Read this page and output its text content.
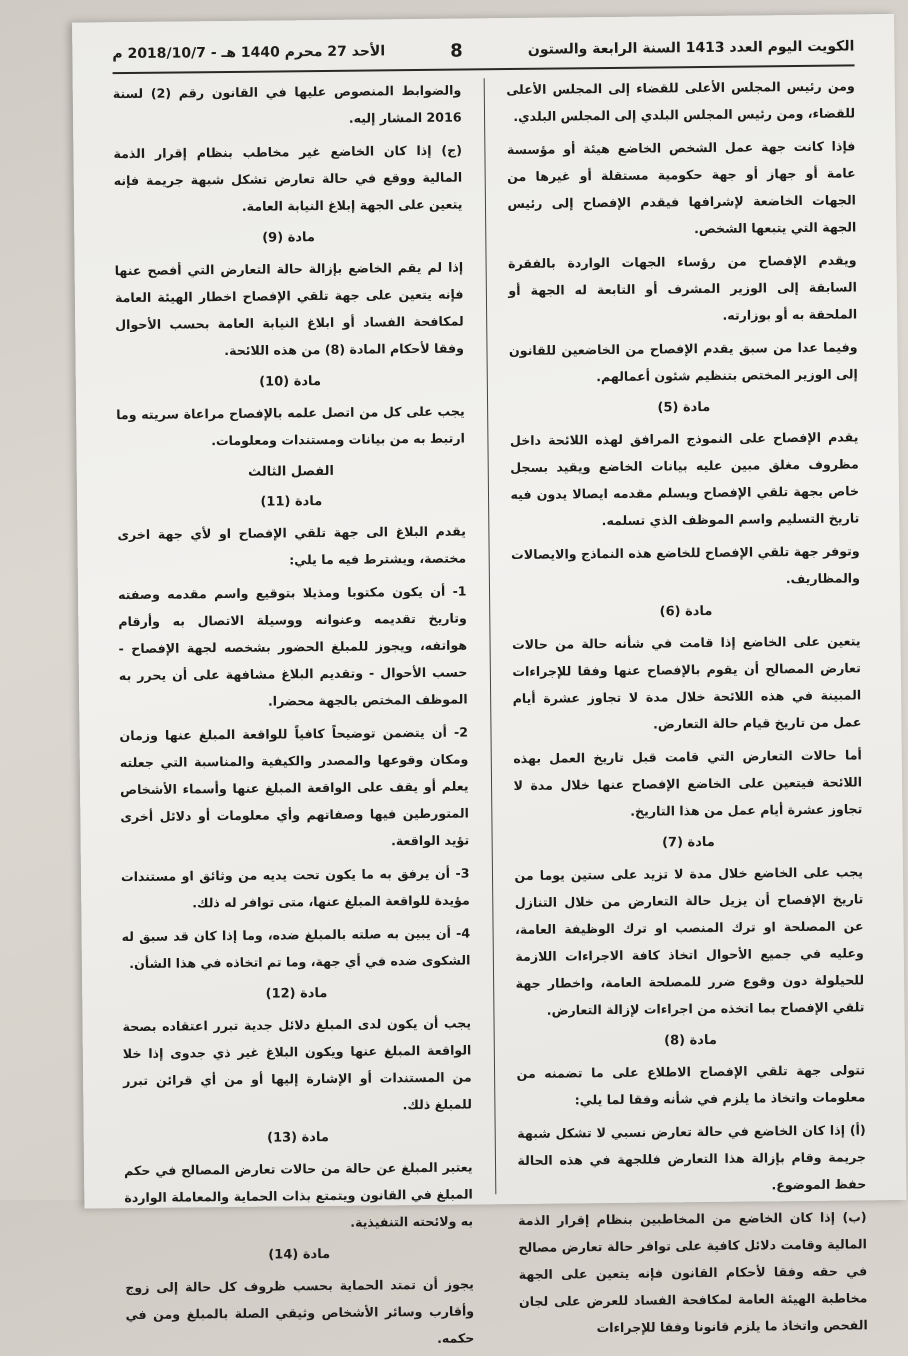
الكويت اليوم العدد 1413 السنة الرابعة والستون
8
الأحد 27 محرم 1440 هـ - 2018/10/7 م

ومن رئيس المجلس الأعلى للقضاء إلى المجلس الأعلى للقضاء، ومن رئيس المجلس البلدي إلى المجلس البلدي.

فإذا كانت جهة عمل الشخص الخاضع هيئة أو مؤسسة عامة أو جهاز أو جهة حكومية مستقلة أو غيرها من الجهات الخاضعة لإشرافها فيقدم الإفصاح إلى رئيس الجهة التي يتبعها الشخص.

ويقدم الإفصاح من رؤساء الجهات الواردة بالفقرة السابقة إلى الوزير المشرف أو التابعة له الجهة أو الملحقة به أو بوزارته.

وفيما عدا من سبق يقدم الإفصاح من الخاضعين للقانون إلى الوزير المختص بتنظيم شئون أعمالهم.

مادة (5)

يقدم الإفصاح على النموذج المرافق لهذه اللائحة داخل مظروف مغلق مبين عليه بيانات الخاضع ويقيد بسجل خاص بجهة تلقي الإفصاح ويسلم مقدمه ايصالا يدون فيه تاريخ التسليم واسم الموظف الذي تسلمه.

وتوفر جهة تلقي الإفصاح للخاضع هذه النماذج والايصالات والمظاريف.

مادة (6)

يتعين على الخاضع إذا قامت في شأنه حالة من حالات تعارض المصالح أن يقوم بالإفصاح عنها وفقا للإجراءات المبينة في هذه اللائحة خلال مدة لا تجاوز عشرة أيام عمل من تاريخ قيام حالة التعارض.

أما حالات التعارض التي قامت قبل تاريخ العمل بهذه اللائحة فيتعين على الخاضع الإفصاح عنها خلال مدة لا تجاوز عشرة أيام عمل من هذا التاريخ.

مادة (7)

يجب على الخاضع خلال مدة لا تزيد على ستين يوما من تاريخ الإفصاح أن يزيل حالة التعارض من خلال التنازل عن المصلحة او ترك المنصب او ترك الوظيفة العامة، وعليه في جميع الأحوال اتخاذ كافة الاجراءات اللازمة للحيلولة دون وقوع ضرر للمصلحة العامة، واخطار جهة تلقي الإفصاح بما اتخذه من اجراءات لإزالة التعارض.

مادة (8)

تتولى جهة تلقي الإفصاح الاطلاع على ما تضمنه من معلومات واتخاذ ما يلزم في شأنه وفقا لما يلي:

(أ) إذا كان الخاضع في حالة تعارض نسبي لا تشكل شبهة جريمة وقام بإزالة هذا التعارض فللجهة في هذه الحالة حفظ الموضوع.

(ب) إذا كان الخاضع من المخاطبين بنظام إقرار الذمة المالية وقامت دلائل كافية على توافر حالة تعارض مصالح في حقه وفقا لأحكام القانون فإنه يتعين على الجهة مخاطبة الهيئة العامة لمكافحة الفساد للعرض على لجان الفحص واتخاذ ما يلزم قانونا وفقا للإجراءات

والضوابط المنصوص عليها في القانون رقم (2) لسنة 2016 المشار إليه.

(ج) إذا كان الخاضع غير مخاطب بنظام إقرار الذمة المالية ووقع في حالة تعارض تشكل شبهة جريمة فإنه يتعين على الجهة إبلاغ النيابة العامة.

مادة (9)

إذا لم يقم الخاضع بإزالة حالة التعارض التي أفصح عنها فإنه يتعين على جهة تلقي الإفصاح اخطار الهيئة العامة لمكافحة الفساد أو ابلاغ النيابة العامة بحسب الأحوال وفقا لأحكام المادة (8) من هذه اللائحة.

مادة (10)

يجب على كل من اتصل علمه بالإفصاح مراعاة سريته وما ارتبط به من بيانات ومستندات ومعلومات.

الفصل الثالث

مادة (11)

يقدم البلاغ الى جهة تلقي الإفصاح او لأي جهة اخرى مختصة، ويشترط فيه ما يلي:

1- أن يكون مكتوبا ومذيلا بتوقيع واسم مقدمه وصفته وتاريخ تقديمه وعنوانه ووسيلة الاتصال به وأرقام هواتفه، ويجوز للمبلغ الحضور بشخصه لجهة الإفصاح - حسب الأحوال - وتقديم البلاغ مشافهة على أن يحرر به الموظف المختص بالجهة محضرا.

2- أن يتضمن توضيحاً كافياً للواقعة المبلغ عنها وزمان ومكان وقوعها والمصدر والكيفية والمناسبة التي جعلته يعلم أو يقف على الواقعة المبلغ عنها وأسماء الأشخاص المتورطين فيها وصفاتهم وأي معلومات أو دلائل أخرى تؤيد الواقعة.

3- أن يرفق به ما يكون تحت يديه من وثائق او مستندات مؤيدة للواقعة المبلغ عنها، متى توافر له ذلك.

4- أن يبين به صلته بالمبلغ ضده، وما إذا كان قد سبق له الشكوى ضده في أي جهة، وما تم اتخاذه في هذا الشأن.

مادة (12)

يجب أن يكون لدى المبلغ دلائل جدية تبرر اعتقاده بصحة الواقعة المبلغ عنها ويكون البلاغ غير ذي جدوى إذا خلا من المستندات أو الإشارة إليها أو من أي قرائن تبرر للمبلغ ذلك.

مادة (13)

يعتبر المبلغ عن حالة من حالات تعارض المصالح في حكم المبلغ في القانون ويتمتع بذات الحماية والمعاملة الواردة به ولائحته التنفيذية.

مادة (14)

يجوز أن تمتد الحماية بحسب ظروف كل حالة إلى زوج وأقارب وسائر الأشخاص وثيقي الصلة بالمبلغ ومن في حكمه.
